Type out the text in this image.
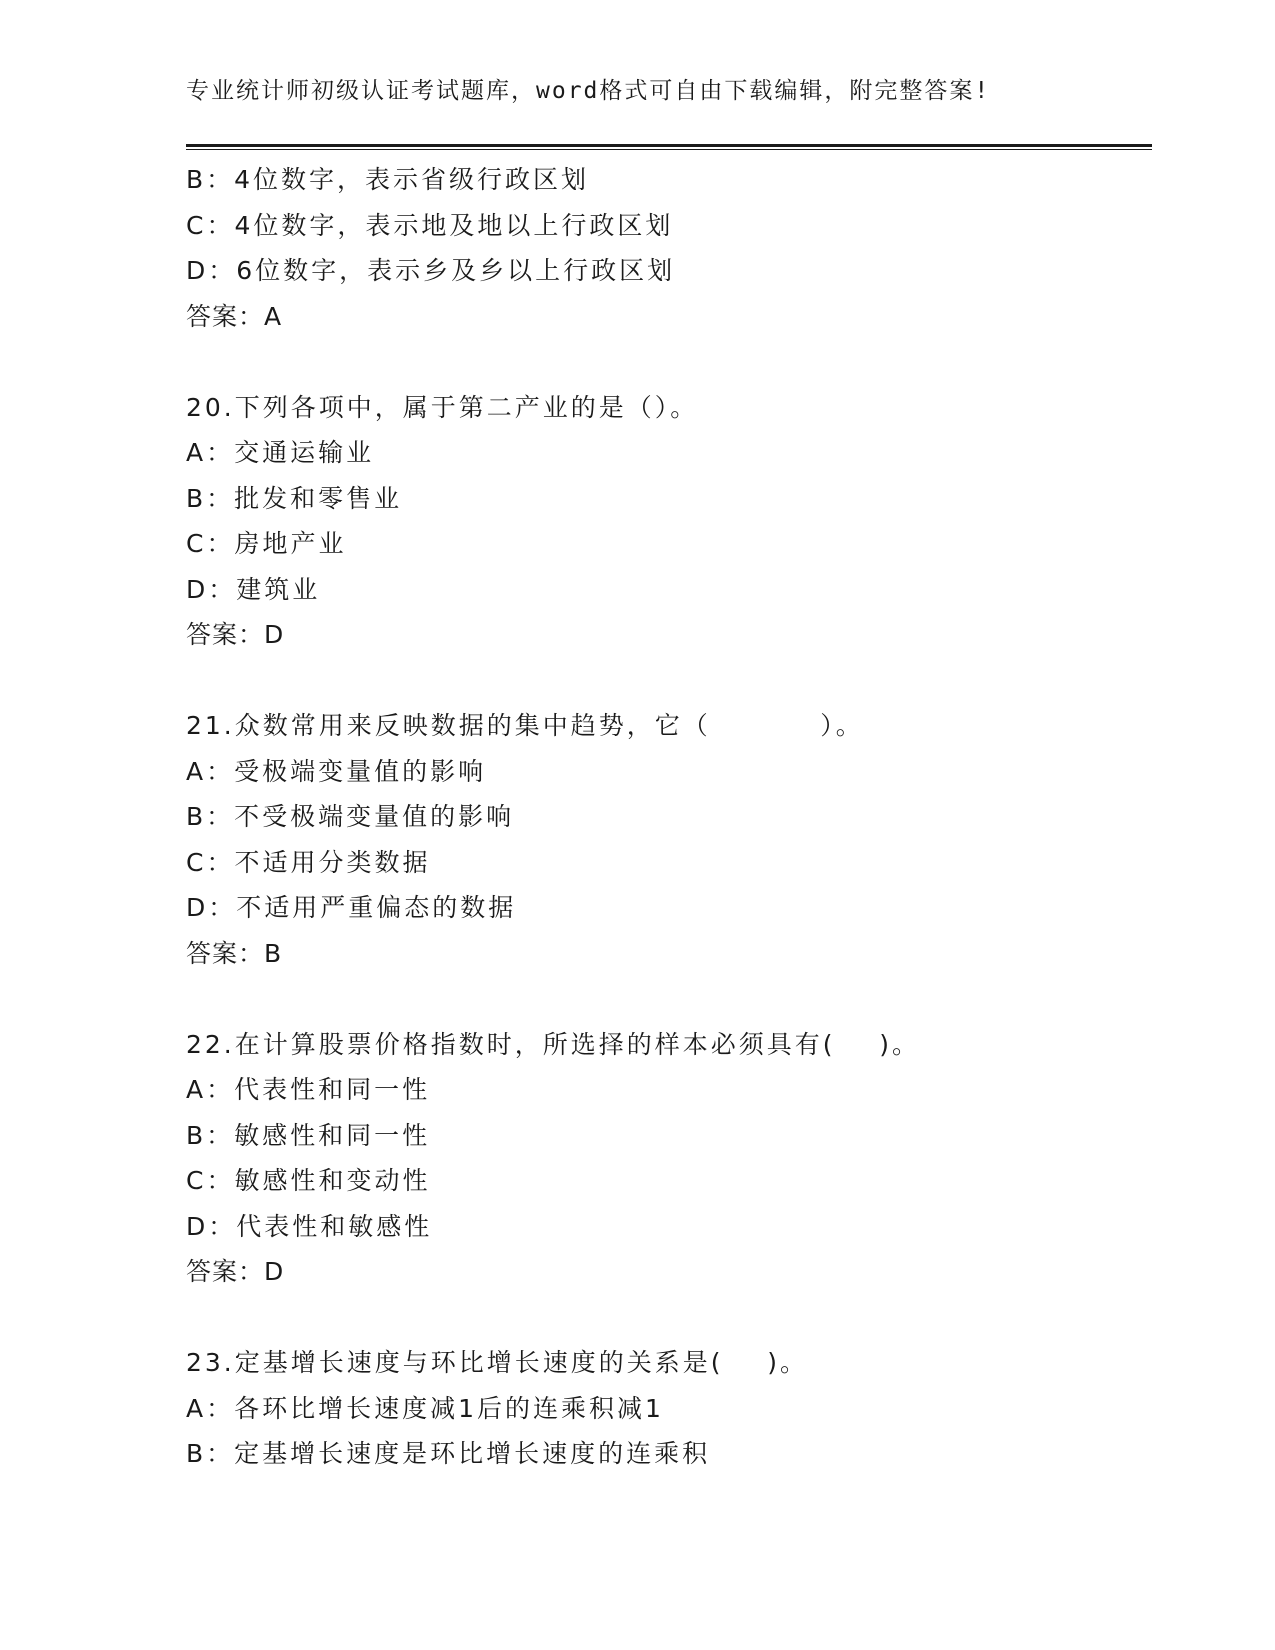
专业统计师初级认证考试题库，word格式可自由下载编辑，附完整答案!
B：4位数字，表示省级行政区划
C：4位数字，表示地及地以上行政区划
D：6位数字，表示乡及乡以上行政区划
答案：A
20.下列各项中，属于第二产业的是（）。
A：交通运输业
B：批发和零售业
C：房地产业
D：建筑业
答案：D
21.众数常用来反映数据的集中趋势，它（          ）。
A：受极端变量值的影响
B：不受极端变量值的影响
C：不适用分类数据
D：不适用严重偏态的数据
答案：B
22.在计算股票价格指数时，所选择的样本必须具有(    )。
A：代表性和同一性
B：敏感性和同一性
C：敏感性和变动性
D：代表性和敏感性
答案：D
23.定基增长速度与环比增长速度的关系是(    )。
A：各环比增长速度减1后的连乘积减1
B：定基增长速度是环比增长速度的连乘积
